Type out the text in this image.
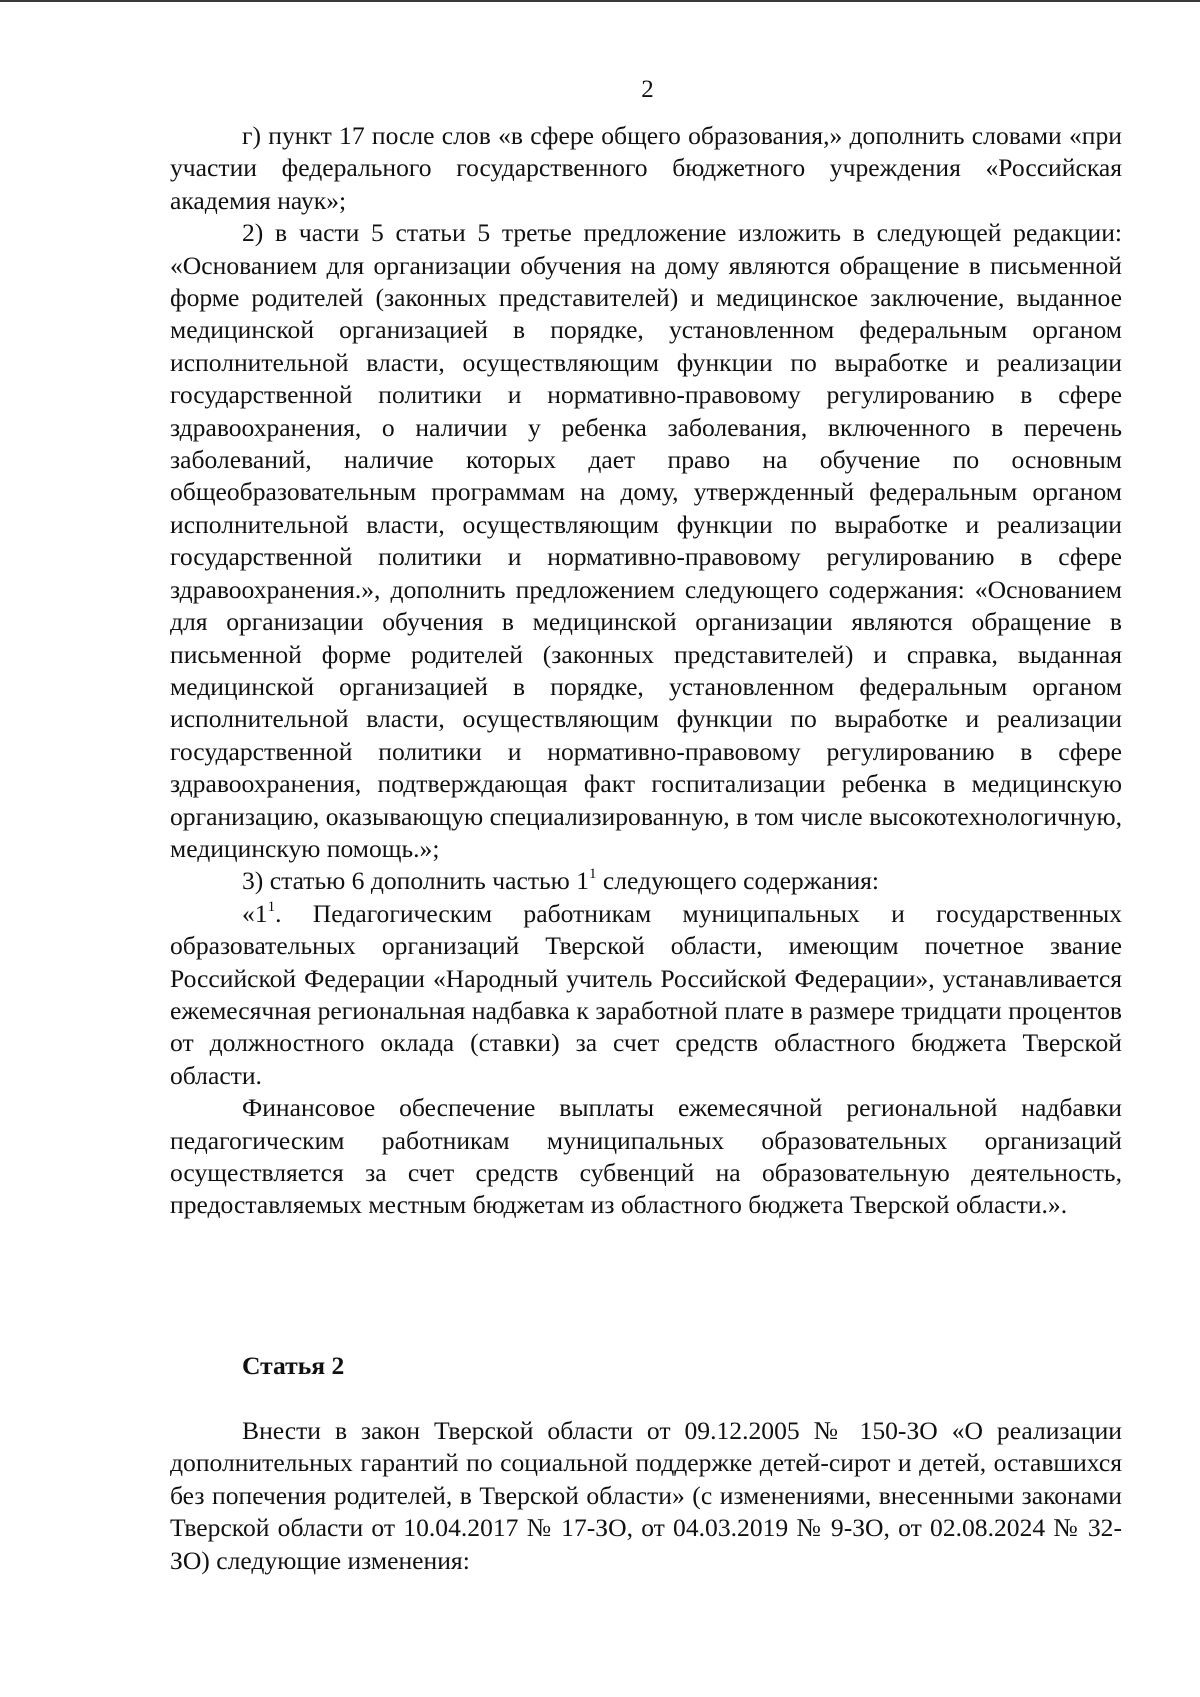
2

г) пункт 17 после слов «в сфере общего образования,» дополнить словами «при участии федерального государственного бюджетного учреждения «Российская академия наук»;

2) в части 5 статьи 5 третье предложение изложить в следующей редакции: «Основанием для организации обучения на дому являются обращение в письменной форме родителей (законных представителей) и медицинское заключение, выданное медицинской организацией в порядке, установленном федеральным органом исполнительной власти, осуществляющим функции по выработке и реализации государственной политики и нормативно-правовому регулированию в сфере здравоохранения, о наличии у ребенка заболевания, включенного в перечень заболеваний, наличие которых дает право на обучение по основным общеобразовательным программам на дому, утвержденный федеральным органом исполнительной власти, осуществляющим функции по выработке и реализации государственной политики и нормативно-правовому регулированию в сфере здравоохранения.», дополнить предложением следующего содержания: «Основанием для организации обучения в медицинской организации являются обращение в письменной форме родителей (законных представителей) и справка, выданная медицинской организацией в порядке, установленном федеральным органом исполнительной власти, осуществляющим функции по выработке и реализации государственной политики и нормативно-правовому регулированию в сфере здравоохранения, подтверждающая факт госпитализации ребенка в медицинскую организацию, оказывающую специализированную, в том числе высокотехнологичную, медицинскую помощь.»;

3) статью 6 дополнить частью $1^1$ следующего содержания:

«$1^1$. Педагогическим работникам муниципальных и государственных образовательных организаций Тверской области, имеющим почетное звание Российской Федерации «Народный учитель Российской Федерации», устанавливается ежемесячная региональная надбавка к заработной плате в размере тридцати процентов от должностного оклада (ставки) за счет средств областного бюджета Тверской области.

Финансовое обеспечение выплаты ежемесячной региональной надбавки педагогическим работникам муниципальных образовательных организаций осуществляется за счет средств субвенций на образовательную деятельность, предоставляемых местным бюджетам из областного бюджета Тверской области.».

Статья 2

Внести в закон Тверской области от 09.12.2005 № 150-ЗО «О реализации дополнительных гарантий по социальной поддержке детей-сирот и детей, оставшихся без попечения родителей, в Тверской области» (с изменениями, внесенными законами Тверской области от 10.04.2017 № 17-ЗО, от 04.03.2019 № 9-ЗО, от 02.08.2024 № 32-ЗО) следующие изменения:
